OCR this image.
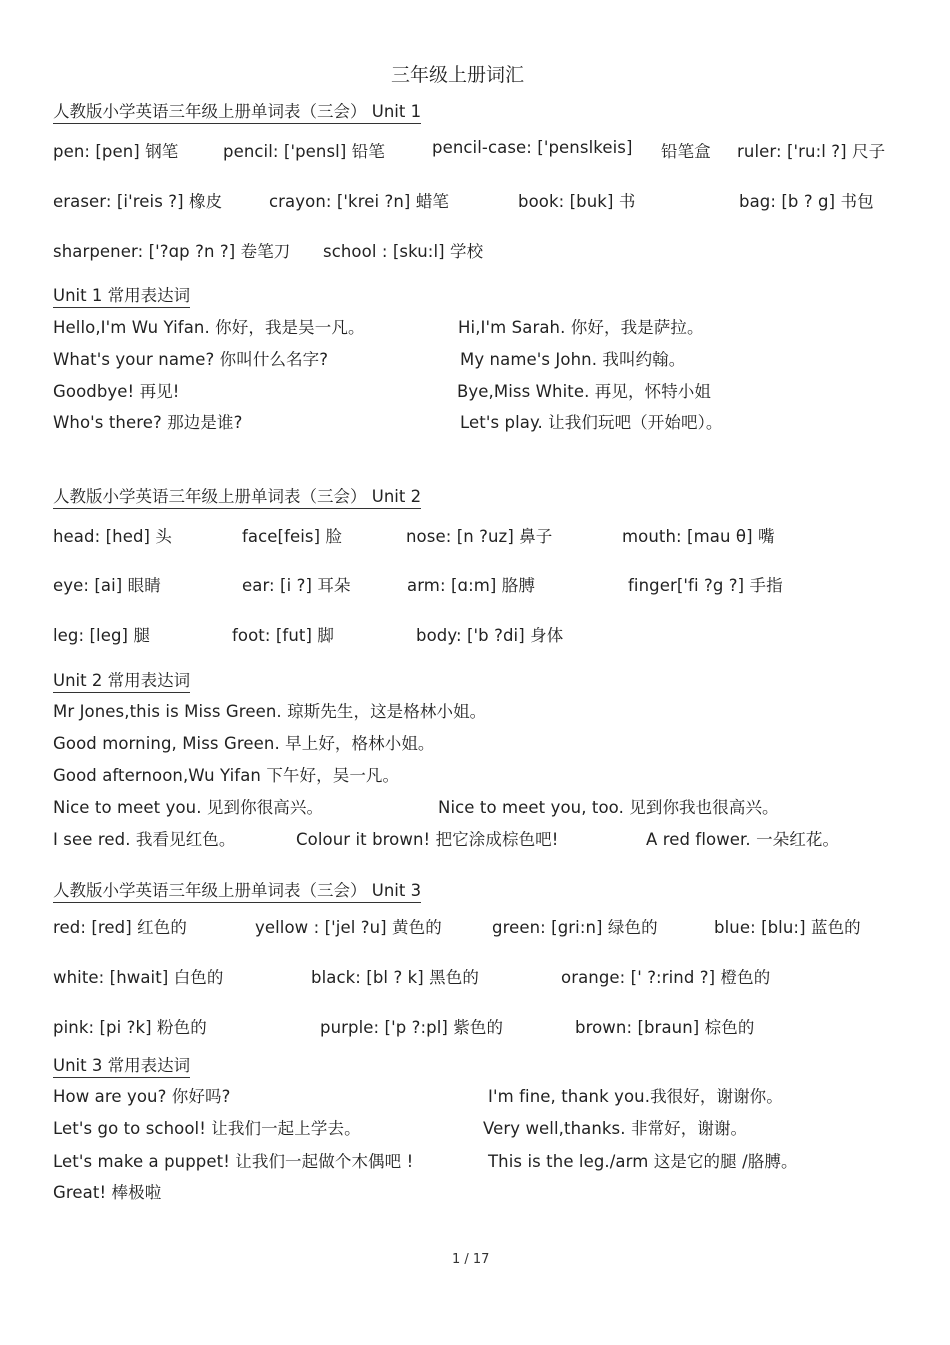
三年级上册词汇
人教版小学英语三年级上册单词表（三会） Unit 1
pen: [pen] 钢笔	pencil: ['pensl] 铅笔	pencil-case: ['penslkeis] 铅笔盒 ruler: ['ru:l ?] 尺子
eraser: [i'reis ?] 橡皮	crayon: ['krei ?n] 蜡笔	book: [buk] 书	bag: [b ? g] 书包
sharpener: ['?ɑp ?n ?] 卷笔刀 school : [sku:l] 学校
Unit 1 常用表达词
Hello,I'm Wu Yifan. 你好，我是吴一凡。	Hi,I'm Sarah. 你好，我是萨拉。
What's your name? 你叫什么名字?	My name's John. 我叫约翰。
Goodbye! 再见!	Bye,Miss White. 再见，怀特小姐
Who's there? 那边是谁?	Let's play. 让我们玩吧（开始吧）。
人教版小学英语三年级上册单词表（三会） Unit 2
head: [hed] 头	face[feis] 脸	nose: [n ?uz] 鼻子	mouth: [mau θ] 嘴
eye: [ai] 眼睛	ear: [i ?] 耳朵	arm: [ɑ:m] 胳膊	finger['fi ?g ?] 手指
leg: [leg] 腿	foot: [fut] 脚	body: ['b ?di] 身体
Unit 2 常用表达词
Mr Jones,this is Miss Green. 琼斯先生，这是格林小姐。
Good morning, Miss Green. 早上好，格林小姐。
Good afternoon,Wu Yifan 下午好，吴一凡。
Nice to meet you. 见到你很高兴。	Nice to meet you, too. 见到你我也很高兴。
I see red. 我看见红色。	Colour it brown! 把它涂成棕色吧!	A red flower. 一朵红花。
人教版小学英语三年级上册单词表（三会） Unit 3
red: [red] 红色的	yellow : ['jel ?u] 黄色的	green: [gri:n] 绿色的	blue: [blu:] 蓝色的
white: [hwait] 白色的	black: [bl ? k] 黑色的	orange: [' ?:rind ?] 橙色的
pink: [pi ?k] 粉色的	purple: ['p ?:pl] 紫色的	brown: [braun] 棕色的
Unit 3 常用表达词
How are you? 你好吗?	I'm fine, thank you.我很好，谢谢你。
Let's go to school! 让我们一起上学去。	Very well,thanks. 非常好，谢谢。
Let's make a puppet! 让我们一起做个木偶吧 !	This is the leg./arm 这是它的腿 /胳膊。
Great! 棒极啦
1 / 17
